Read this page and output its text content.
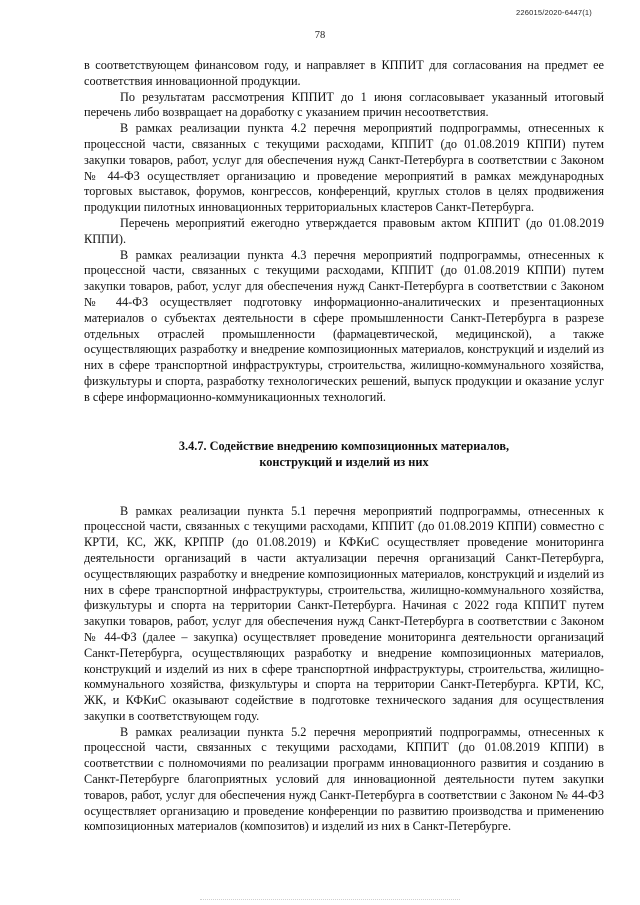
226015/2020-6447(1)
78

в соответствующем финансовом году, и направляет в КППИТ для согласования на предмет ее соответствия инновационной продукции.

По результатам рассмотрения КППИТ до 1 июня согласовывает указанный итоговый перечень либо возвращает на доработку с указанием причин несоответствия.

В рамках реализации пункта 4.2 перечня мероприятий подпрограммы, отнесенных к процессной части, связанных с текущими расходами, КППИТ (до 01.08.2019 КППИ) путем закупки товаров, работ, услуг для обеспечения нужд Санкт-Петербурга в соответствии с Законом № 44-ФЗ осуществляет организацию и проведение мероприятий в рамках международных торговых выставок, форумов, конгрессов, конференций, круглых столов в целях продвижения продукции пилотных инновационных территориальных кластеров Санкт-Петербурга.

Перечень мероприятий ежегодно утверждается правовым актом КППИТ (до 01.08.2019 КППИ).

В рамках реализации пункта 4.3 перечня мероприятий подпрограммы, отнесенных к процессной части, связанных с текущими расходами, КППИТ (до 01.08.2019 КППИ) путем закупки товаров, работ, услуг для обеспечения нужд Санкт-Петербурга в соответствии с Законом № 44-ФЗ осуществляет подготовку информационно-аналитических и презентационных материалов о субъектах деятельности в сфере промышленности Санкт-Петербурга в разрезе отдельных отраслей промышленности (фармацевтической, медицинской), а также осуществляющих разработку и внедрение композиционных материалов, конструкций и изделий из них в сфере транспортной инфраструктуры, строительства, жилищно-коммунального хозяйства, физкультуры и спорта, разработку технологических решений, выпуск продукции и оказание услуг в сфере информационно-коммуникационных технологий.

3.4.7. Содействие внедрению композиционных материалов,
конструкций и изделий из них

В рамках реализации пункта 5.1 перечня мероприятий подпрограммы, отнесенных к процессной части, связанных с текущими расходами, КППИТ (до 01.08.2019 КППИ) совместно с КРТИ, КС, ЖК, КРППР (до 01.08.2019) и КФКиС осуществляет проведение мониторинга деятельности организаций в части актуализации перечня организаций Санкт-Петербурга, осуществляющих разработку и внедрение композиционных материалов, конструкций и изделий из них в сфере транспортной инфраструктуры, строительства, жилищно-коммунального хозяйства, физкультуры и спорта на территории Санкт-Петербурга. Начиная с 2022 года КППИТ путем закупки товаров, работ, услуг для обеспечения нужд Санкт-Петербурга в соответствии с Законом № 44-ФЗ (далее – закупка) осуществляет проведение мониторинга деятельности организаций Санкт-Петербурга, осуществляющих разработку и внедрение композиционных материалов, конструкций и изделий из них в сфере транспортной инфраструктуры, строительства, жилищно-коммунального хозяйства, физкультуры и спорта на территории Санкт-Петербурга. КРТИ, КС, ЖК, и КФКиС оказывают содействие в подготовке технического задания для осуществления закупки в соответствующем году.

В рамках реализации пункта 5.2 перечня мероприятий подпрограммы, отнесенных к процессной части, связанных с текущими расходами, КППИТ (до 01.08.2019 КППИ) в соответствии с полномочиями по реализации программ инновационного развития и созданию в Санкт-Петербурге благоприятных условий для инновационной деятельности путем закупки товаров, работ, услуг для обеспечения нужд Санкт-Петербурга в соответствии с Законом № 44-ФЗ осуществляет организацию и проведение конференции по развитию производства и применению композиционных материалов (композитов) и изделий из них в Санкт-Петербурге.
